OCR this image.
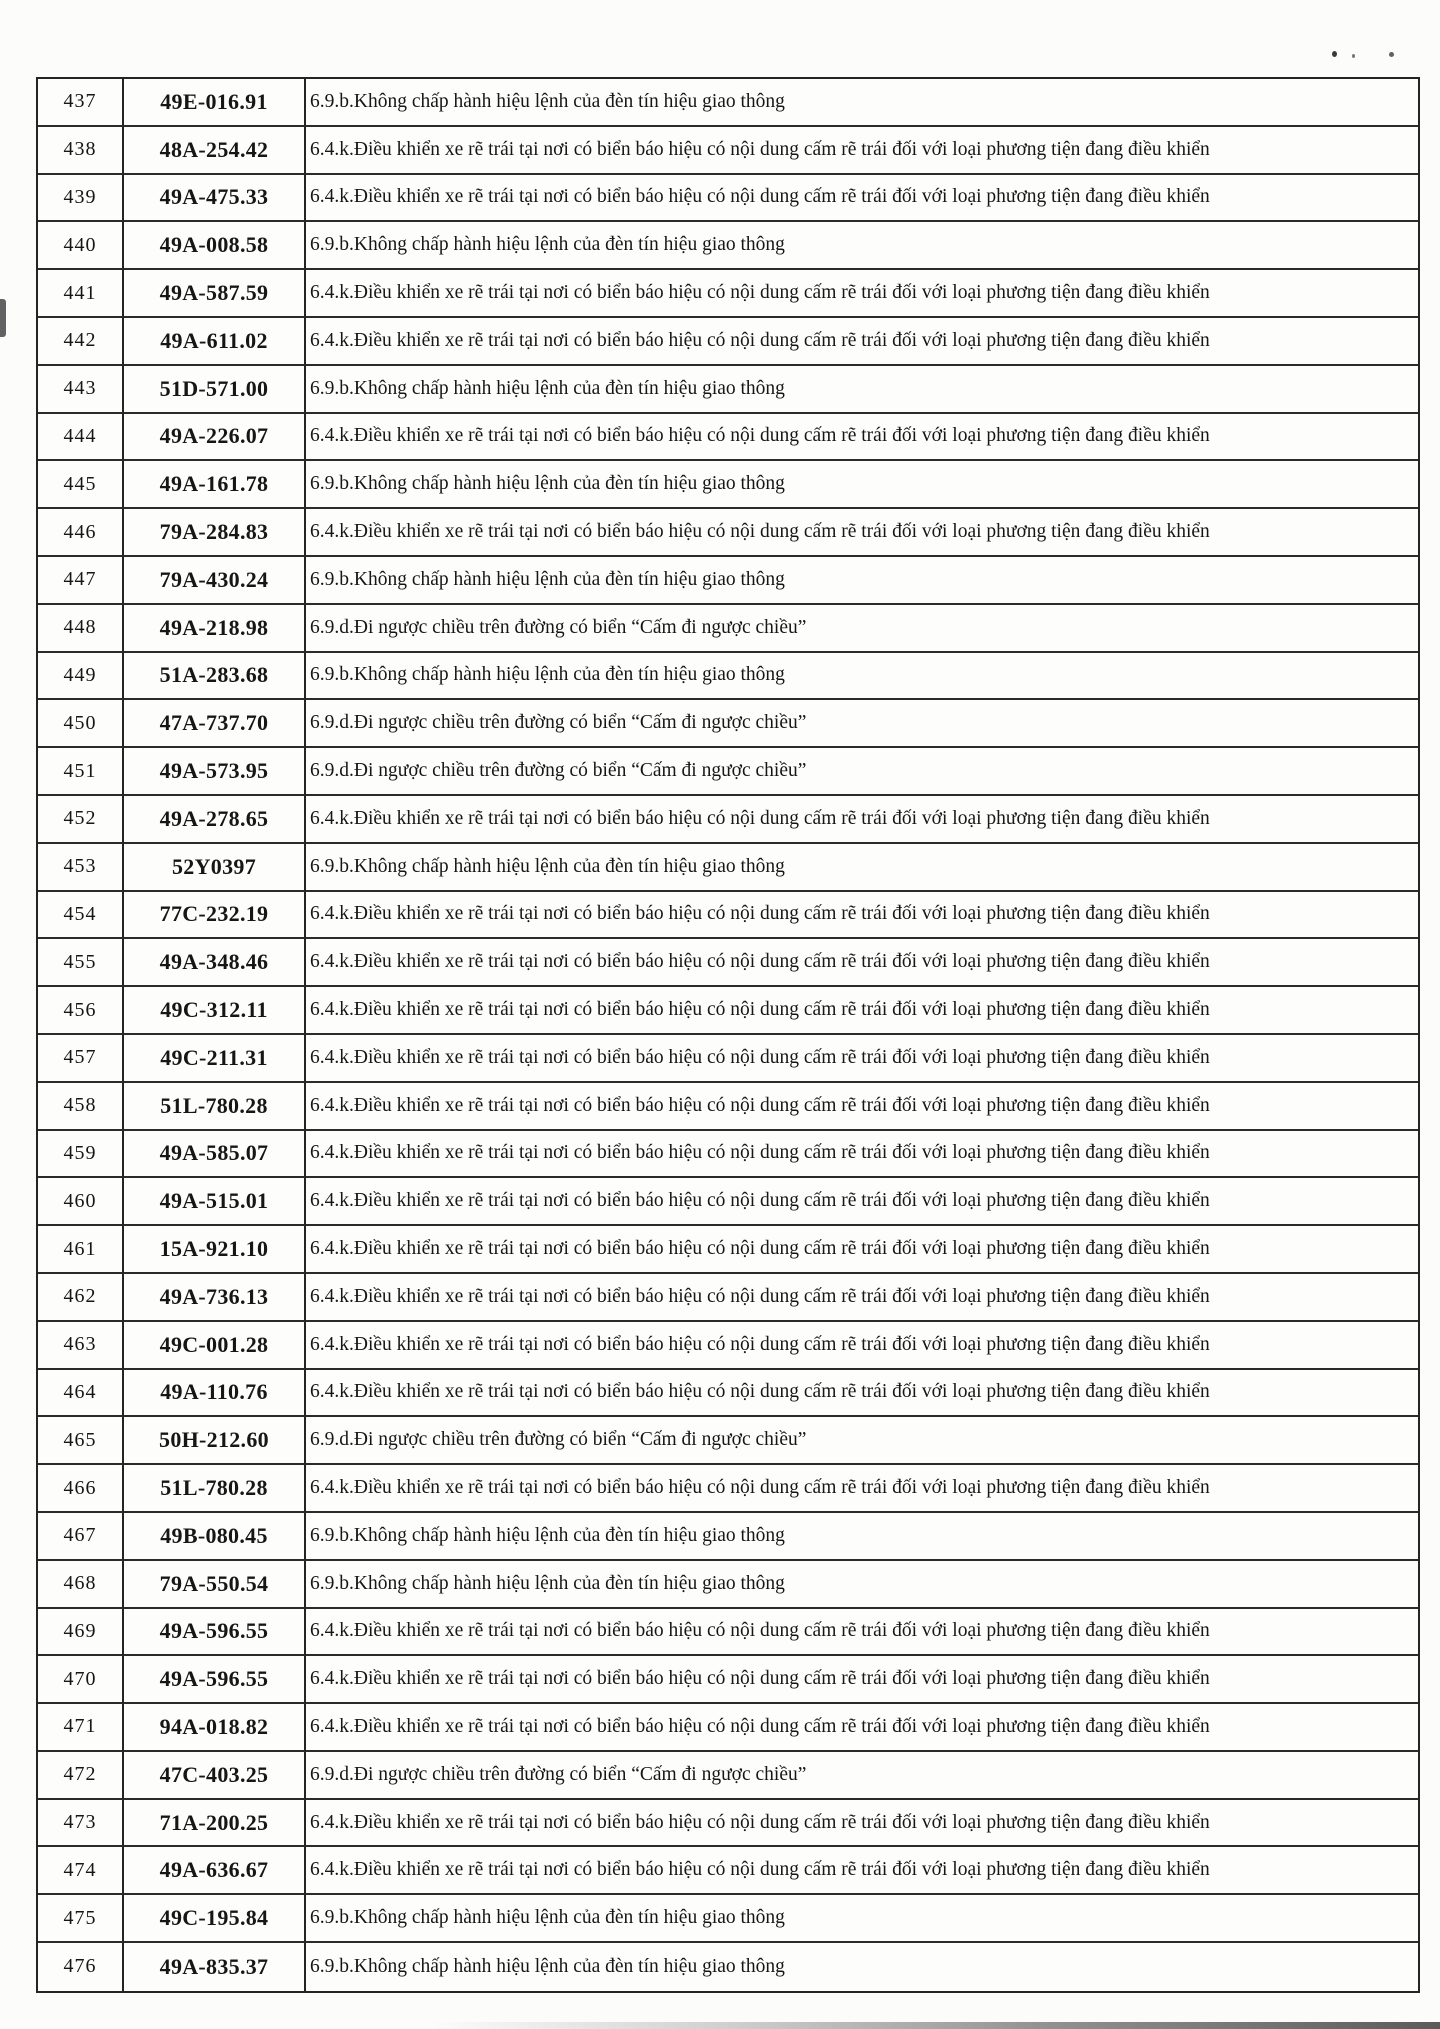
437	49E-016.91	6.9.b.Không chấp hành hiệu lệnh của đèn tín hiệu giao thông
438	48A-254.42	6.4.k.Điều khiển xe rẽ trái tại nơi có biển báo hiệu có nội dung cấm rẽ trái đối với loại phương tiện đang điều khiển
439	49A-475.33	6.4.k.Điều khiển xe rẽ trái tại nơi có biển báo hiệu có nội dung cấm rẽ trái đối với loại phương tiện đang điều khiển
440	49A-008.58	6.9.b.Không chấp hành hiệu lệnh của đèn tín hiệu giao thông
441	49A-587.59	6.4.k.Điều khiển xe rẽ trái tại nơi có biển báo hiệu có nội dung cấm rẽ trái đối với loại phương tiện đang điều khiển
442	49A-611.02	6.4.k.Điều khiển xe rẽ trái tại nơi có biển báo hiệu có nội dung cấm rẽ trái đối với loại phương tiện đang điều khiển
443	51D-571.00	6.9.b.Không chấp hành hiệu lệnh của đèn tín hiệu giao thông
444	49A-226.07	6.4.k.Điều khiển xe rẽ trái tại nơi có biển báo hiệu có nội dung cấm rẽ trái đối với loại phương tiện đang điều khiển
445	49A-161.78	6.9.b.Không chấp hành hiệu lệnh của đèn tín hiệu giao thông
446	79A-284.83	6.4.k.Điều khiển xe rẽ trái tại nơi có biển báo hiệu có nội dung cấm rẽ trái đối với loại phương tiện đang điều khiển
447	79A-430.24	6.9.b.Không chấp hành hiệu lệnh của đèn tín hiệu giao thông
448	49A-218.98	6.9.d.Đi ngược chiều trên đường có biển “Cấm đi ngược chiều”
449	51A-283.68	6.9.b.Không chấp hành hiệu lệnh của đèn tín hiệu giao thông
450	47A-737.70	6.9.d.Đi ngược chiều trên đường có biển “Cấm đi ngược chiều”
451	49A-573.95	6.9.d.Đi ngược chiều trên đường có biển “Cấm đi ngược chiều”
452	49A-278.65	6.4.k.Điều khiển xe rẽ trái tại nơi có biển báo hiệu có nội dung cấm rẽ trái đối với loại phương tiện đang điều khiển
453	52Y0397	6.9.b.Không chấp hành hiệu lệnh của đèn tín hiệu giao thông
454	77C-232.19	6.4.k.Điều khiển xe rẽ trái tại nơi có biển báo hiệu có nội dung cấm rẽ trái đối với loại phương tiện đang điều khiển
455	49A-348.46	6.4.k.Điều khiển xe rẽ trái tại nơi có biển báo hiệu có nội dung cấm rẽ trái đối với loại phương tiện đang điều khiển
456	49C-312.11	6.4.k.Điều khiển xe rẽ trái tại nơi có biển báo hiệu có nội dung cấm rẽ trái đối với loại phương tiện đang điều khiển
457	49C-211.31	6.4.k.Điều khiển xe rẽ trái tại nơi có biển báo hiệu có nội dung cấm rẽ trái đối với loại phương tiện đang điều khiển
458	51L-780.28	6.4.k.Điều khiển xe rẽ trái tại nơi có biển báo hiệu có nội dung cấm rẽ trái đối với loại phương tiện đang điều khiển
459	49A-585.07	6.4.k.Điều khiển xe rẽ trái tại nơi có biển báo hiệu có nội dung cấm rẽ trái đối với loại phương tiện đang điều khiển
460	49A-515.01	6.4.k.Điều khiển xe rẽ trái tại nơi có biển báo hiệu có nội dung cấm rẽ trái đối với loại phương tiện đang điều khiển
461	15A-921.10	6.4.k.Điều khiển xe rẽ trái tại nơi có biển báo hiệu có nội dung cấm rẽ trái đối với loại phương tiện đang điều khiển
462	49A-736.13	6.4.k.Điều khiển xe rẽ trái tại nơi có biển báo hiệu có nội dung cấm rẽ trái đối với loại phương tiện đang điều khiển
463	49C-001.28	6.4.k.Điều khiển xe rẽ trái tại nơi có biển báo hiệu có nội dung cấm rẽ trái đối với loại phương tiện đang điều khiển
464	49A-110.76	6.4.k.Điều khiển xe rẽ trái tại nơi có biển báo hiệu có nội dung cấm rẽ trái đối với loại phương tiện đang điều khiển
465	50H-212.60	6.9.d.Đi ngược chiều trên đường có biển “Cấm đi ngược chiều”
466	51L-780.28	6.4.k.Điều khiển xe rẽ trái tại nơi có biển báo hiệu có nội dung cấm rẽ trái đối với loại phương tiện đang điều khiển
467	49B-080.45	6.9.b.Không chấp hành hiệu lệnh của đèn tín hiệu giao thông
468	79A-550.54	6.9.b.Không chấp hành hiệu lệnh của đèn tín hiệu giao thông
469	49A-596.55	6.4.k.Điều khiển xe rẽ trái tại nơi có biển báo hiệu có nội dung cấm rẽ trái đối với loại phương tiện đang điều khiển
470	49A-596.55	6.4.k.Điều khiển xe rẽ trái tại nơi có biển báo hiệu có nội dung cấm rẽ trái đối với loại phương tiện đang điều khiển
471	94A-018.82	6.4.k.Điều khiển xe rẽ trái tại nơi có biển báo hiệu có nội dung cấm rẽ trái đối với loại phương tiện đang điều khiển
472	47C-403.25	6.9.d.Đi ngược chiều trên đường có biển “Cấm đi ngược chiều”
473	71A-200.25	6.4.k.Điều khiển xe rẽ trái tại nơi có biển báo hiệu có nội dung cấm rẽ trái đối với loại phương tiện đang điều khiển
474	49A-636.67	6.4.k.Điều khiển xe rẽ trái tại nơi có biển báo hiệu có nội dung cấm rẽ trái đối với loại phương tiện đang điều khiển
475	49C-195.84	6.9.b.Không chấp hành hiệu lệnh của đèn tín hiệu giao thông
476	49A-835.37	6.9.b.Không chấp hành hiệu lệnh của đèn tín hiệu giao thông
